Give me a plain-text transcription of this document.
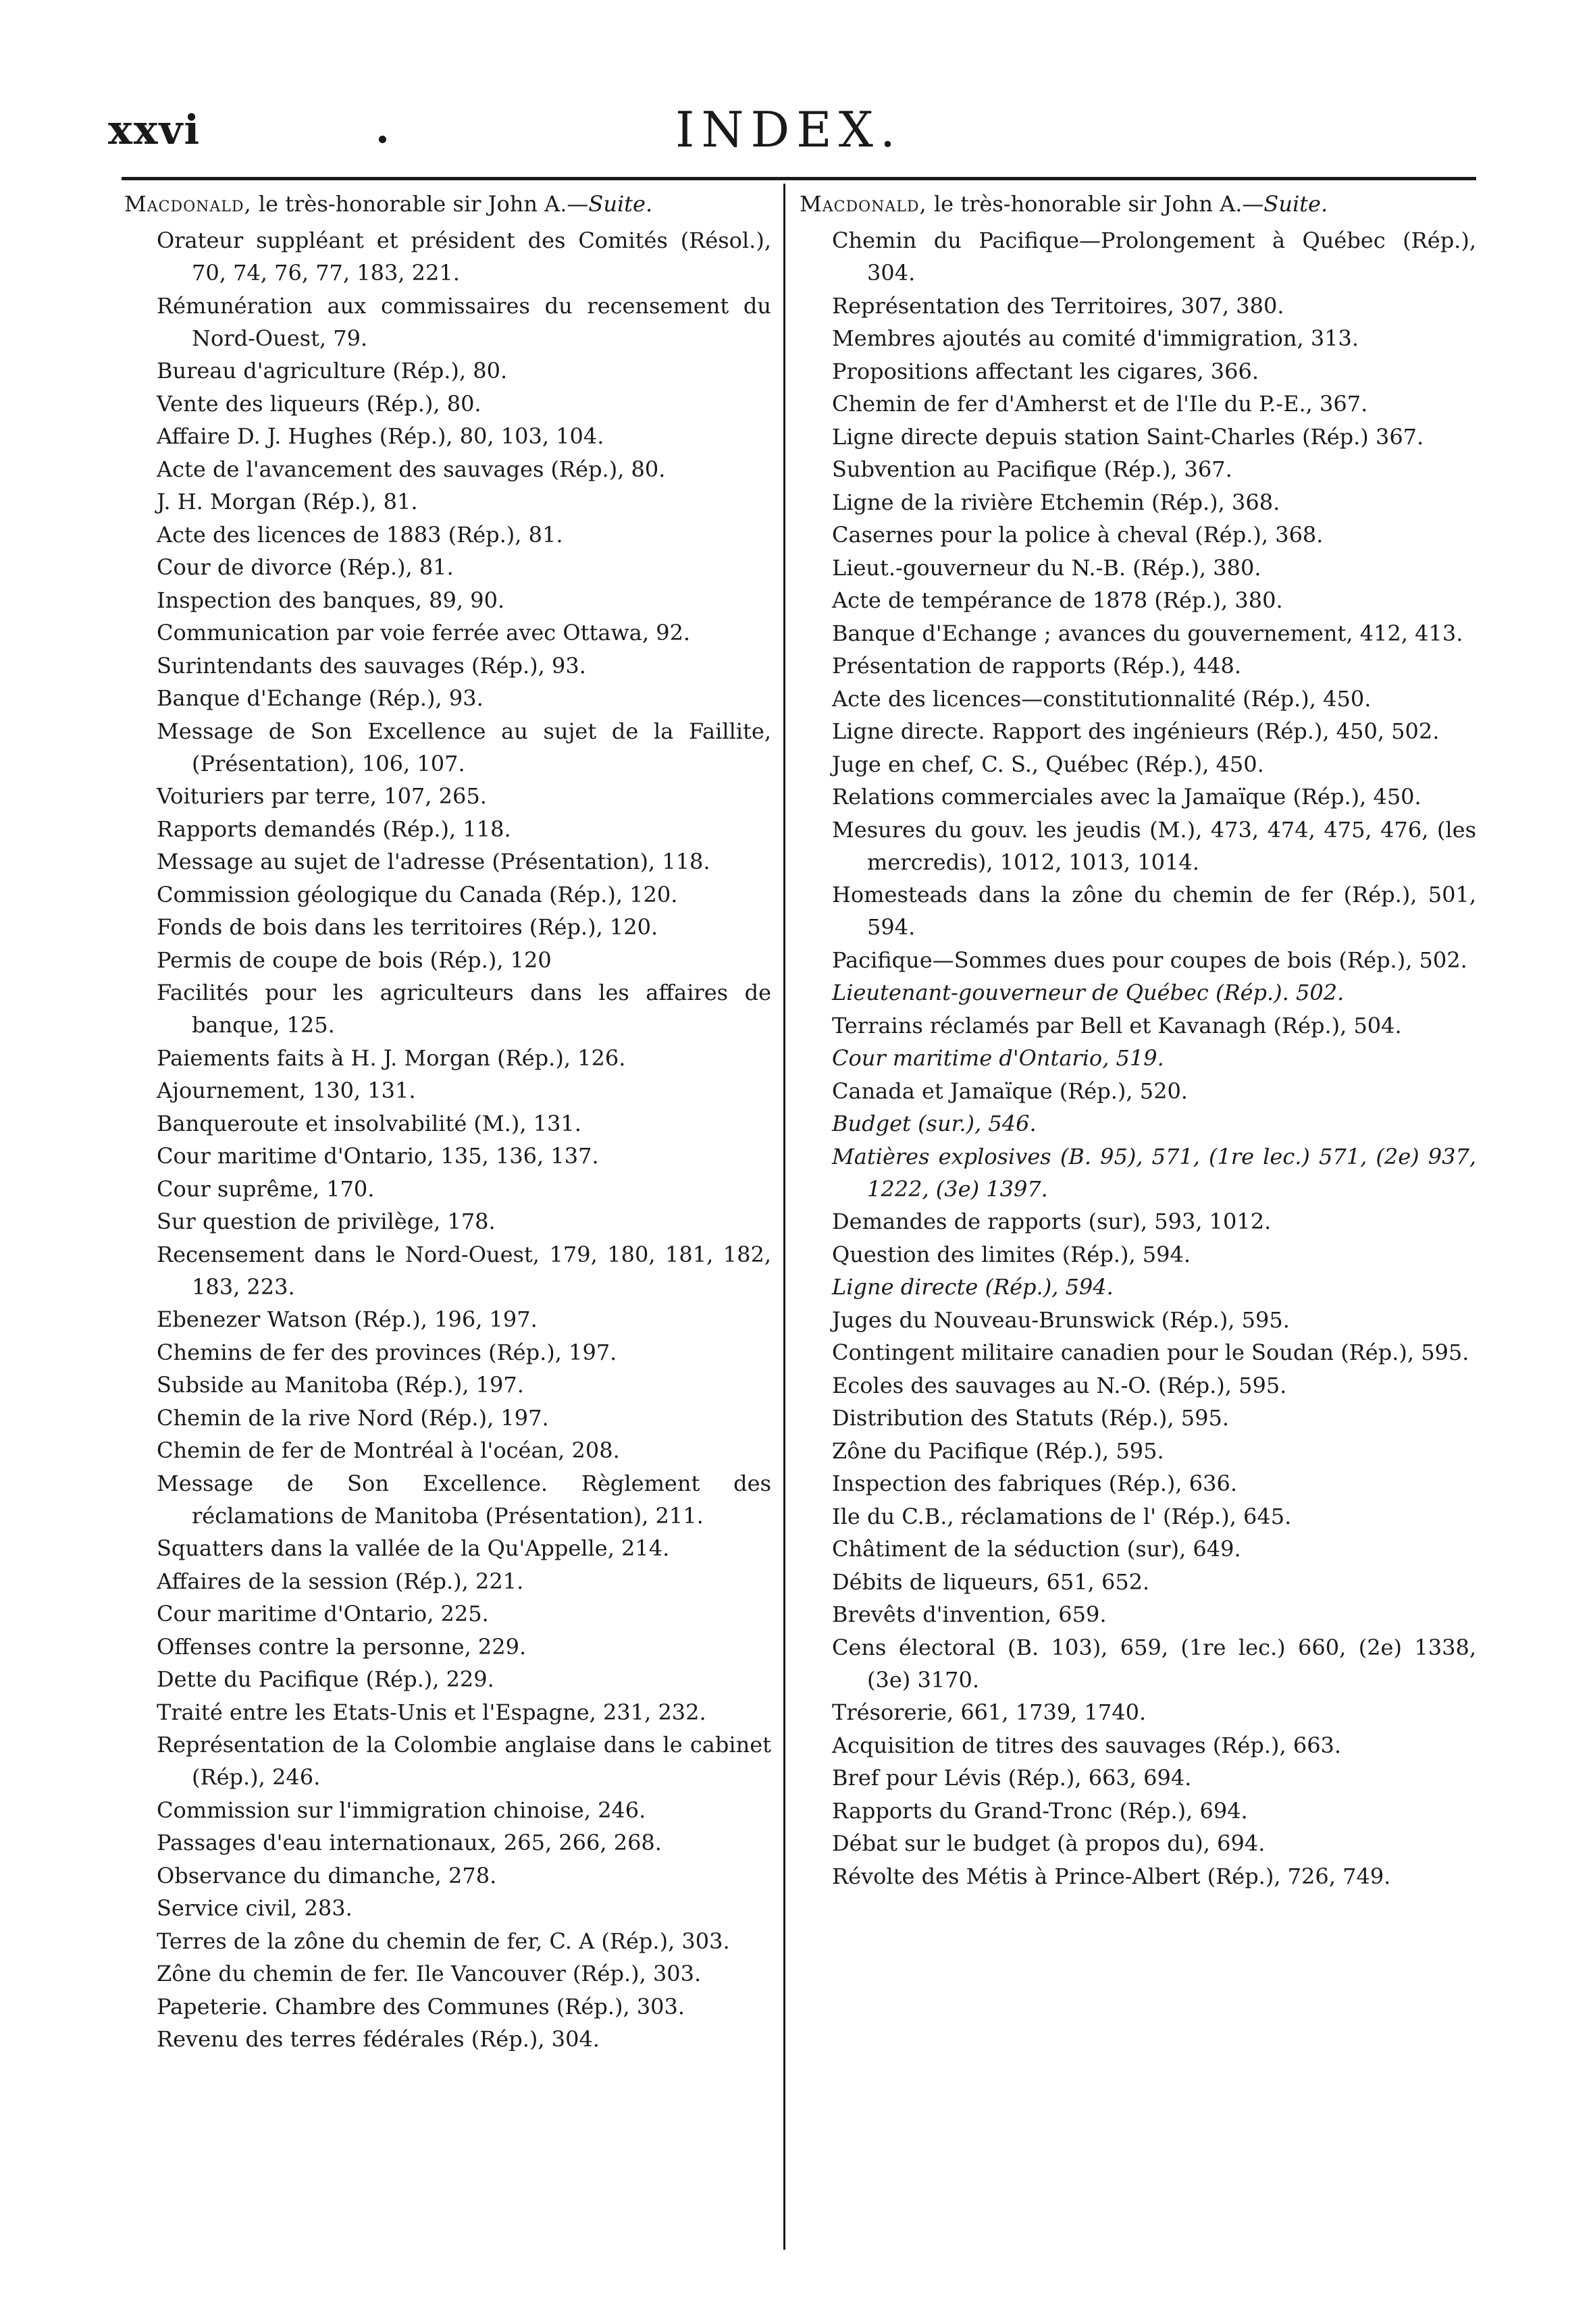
xxvi	.	INDEX.
Macdonald, le très-honorable sir John A.—Suite.
Orateur suppléant et président des Comités (Résol.), 70, 74, 76, 77, 183, 221.
Rémunération aux commissaires du recensement du Nord-Ouest, 79.
Bureau d'agriculture (Rép.), 80.
Vente des liqueurs (Rép.), 80.
Affaire D. J. Hughes (Rép.), 80, 103, 104.
Acte de l'avancement des sauvages (Rép.), 80.
J. H. Morgan (Rép.), 81.
Acte des licences de 1883 (Rép.), 81.
Cour de divorce (Rép.), 81.
Inspection des banques, 89, 90.
Communication par voie ferrée avec Ottawa, 92.
Surintendants des sauvages (Rép.), 93.
Banque d'Echange (Rép.), 93.
Message de Son Excellence au sujet de la Faillite, (Présentation), 106, 107.
Voituriers par terre, 107, 265.
Rapports demandés (Rép.), 118.
Message au sujet de l'adresse (Présentation), 118.
Commission géologique du Canada (Rép.), 120.
Fonds de bois dans les territoires (Rép.), 120.
Permis de coupe de bois (Rép.), 120
Facilités pour les agriculteurs dans les affaires de banque, 125.
Paiements faits à H. J. Morgan (Rép.), 126.
Ajournement, 130, 131.
Banqueroute et insolvabilité (M.), 131.
Cour maritime d'Ontario, 135, 136, 137.
Cour suprême, 170.
Sur question de privilège, 178.
Recensement dans le Nord-Ouest, 179, 180, 181, 182, 183, 223.
Ebenezer Watson (Rép.), 196, 197.
Chemins de fer des provinces (Rép.), 197.
Subside au Manitoba (Rép.), 197.
Chemin de la rive Nord (Rép.), 197.
Chemin de fer de Montréal à l'océan, 208.
Message de Son Excellence. Règlement des réclamations de Manitoba (Présentation), 211.
Squatters dans la vallée de la Qu'Appelle, 214.
Affaires de la session (Rép.), 221.
Cour maritime d'Ontario, 225.
Offenses contre la personne, 229.
Dette du Pacifique (Rép.), 229.
Traité entre les Etats-Unis et l'Espagne, 231, 232.
Représentation de la Colombie anglaise dans le cabinet (Rép.), 246.
Commission sur l'immigration chinoise, 246.
Passages d'eau internationaux, 265, 266, 268.
Observance du dimanche, 278.
Service civil, 283.
Terres de la zône du chemin de fer, C. A (Rép.), 303.
Zône du chemin de fer. Ile Vancouver (Rép.), 303.
Papeterie. Chambre des Communes (Rép.), 303.
Revenu des terres fédérales (Rép.), 304.
Macdonald, le très-honorable sir John A.—Suite.
Chemin du Pacifique—Prolongement à Québec (Rép.), 304.
Représentation des Territoires, 307, 380.
Membres ajoutés au comité d'immigration, 313.
Propositions affectant les cigares, 366.
Chemin de fer d'Amherst et de l'Ile du P.-E., 367.
Ligne directe depuis station Saint-Charles (Rép.) 367.
Subvention au Pacifique (Rép.), 367.
Ligne de la rivière Etchemin (Rép.), 368.
Casernes pour la police à cheval (Rép.), 368.
Lieut.-gouverneur du N.-B. (Rép.), 380.
Acte de tempérance de 1878 (Rép.), 380.
Banque d'Echange ; avances du gouvernement, 412, 413.
Présentation de rapports (Rép.), 448.
Acte des licences—constitutionnalité (Rép.), 450.
Ligne directe. Rapport des ingénieurs (Rép.), 450, 502.
Juge en chef, C. S., Québec (Rép.), 450.
Relations commerciales avec la Jamaïque (Rép.), 450.
Mesures du gouv. les jeudis (M.), 473, 474, 475, 476, (les mercredis), 1012, 1013, 1014.
Homesteads dans la zône du chemin de fer (Rép.), 501, 594.
Pacifique—Sommes dues pour coupes de bois (Rép.), 502.
Lieutenant-gouverneur de Québec (Rép.). 502.
Terrains réclamés par Bell et Kavanagh (Rép.), 504.
Cour maritime d'Ontario, 519.
Canada et Jamaïque (Rép.), 520.
Budget (sur.), 546.
Matières explosives (B. 95), 571, (1re lec.) 571, (2e) 937, 1222, (3e) 1397.
Demandes de rapports (sur), 593, 1012.
Question des limites (Rép.), 594.
Ligne directe (Rép.), 594.
Juges du Nouveau-Brunswick (Rép.), 595.
Contingent militaire canadien pour le Soudan (Rép.), 595.
Ecoles des sauvages au N.-O. (Rép.), 595.
Distribution des Statuts (Rép.), 595.
Zône du Pacifique (Rép.), 595.
Inspection des fabriques (Rép.), 636.
Ile du C.B., réclamations de l' (Rép.), 645.
Châtiment de la séduction (sur), 649.
Débits de liqueurs, 651, 652.
Brevêts d'invention, 659.
Cens électoral (B. 103), 659, (1re lec.) 660, (2e) 1338, (3e) 3170.
Trésorerie, 661, 1739, 1740.
Acquisition de titres des sauvages (Rép.), 663.
Bref pour Lévis (Rép.), 663, 694.
Rapports du Grand-Tronc (Rép.), 694.
Débat sur le budget (à propos du), 694.
Révolte des Métis à Prince-Albert (Rép.), 726, 749.
